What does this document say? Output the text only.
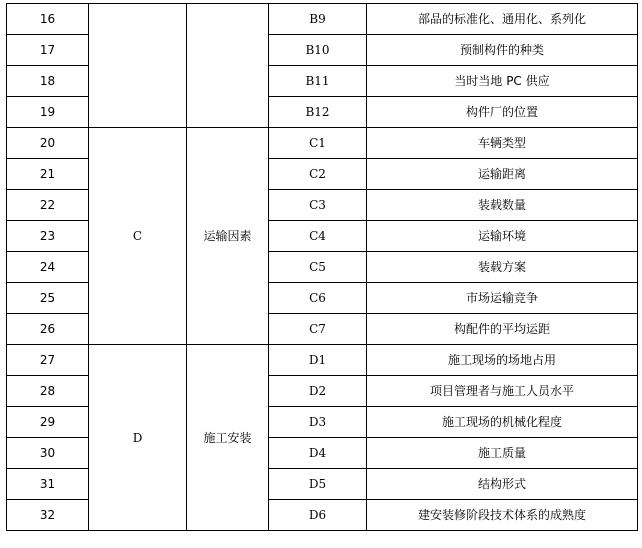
16			B9	部品的标准化、通用化、系列化
17			B10	预制构件的种类
18			B11	当时当地 PC 供应
19			B12	构件厂的位置
20	C	运输因素	C1	车辆类型
21			C2	运输距离
22			C3	装载数量
23			C4	运输环境
24			C5	装载方案
25			C6	市场运输竞争
26			C7	构配件的平均运距
27	D	施工安装	D1	施工现场的场地占用
28			D2	项目管理者与施工人员水平
29			D3	施工现场的机械化程度
30			D4	施工质量
31			D5	结构形式
32			D6	建安装修阶段技术体系的成熟度
